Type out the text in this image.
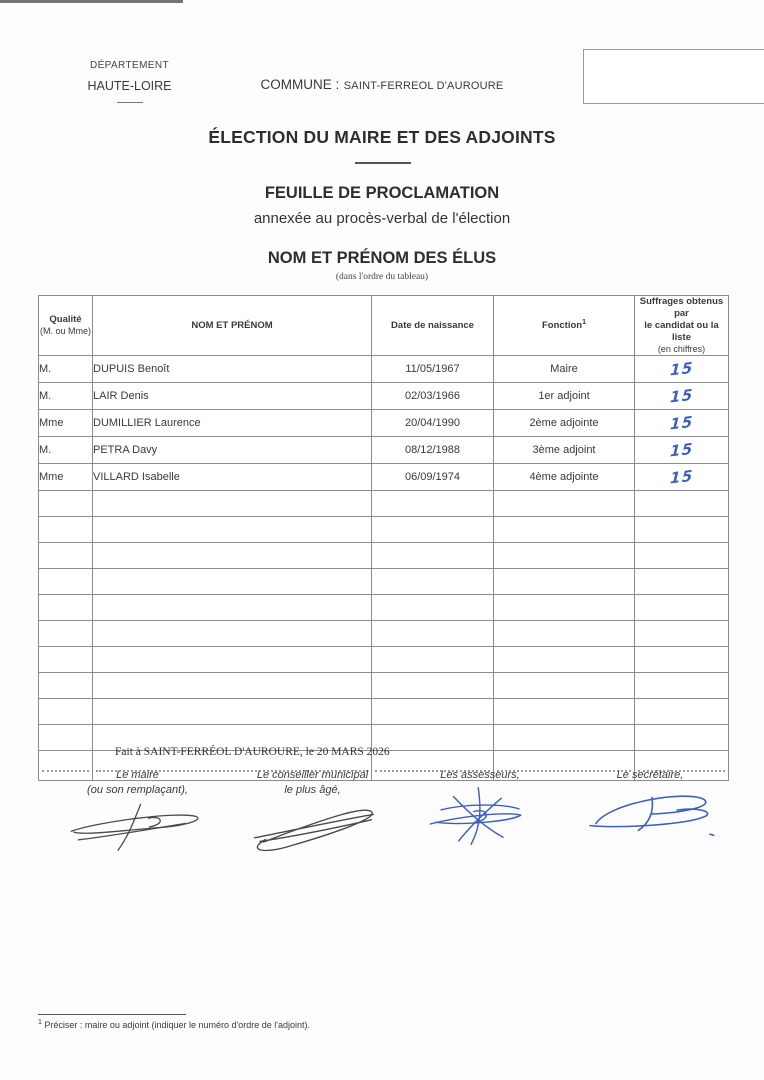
DÉPARTEMENT
HAUTE-LOIRE	COMMUNE : SAINT-FERREOL D'AUROURE
ÉLECTION DU MAIRE ET DES ADJOINTS
FEUILLE DE PROCLAMATION
annexée au procès-verbal de l'élection
NOM ET PRÉNOM DES ÉLUS
(dans l'ordre du tableau)
Qualité
(M. ou Mme)	NOM ET PRÉNOM	Date de naissance	Fonction$^1$	Suffrages obtenus par
le candidat ou la liste
(en chiffres)
M.	DUPUIS Benoît	11/05/1967	Maire	15
M.	LAIR Denis	02/03/1966	1er adjoint	15
Mme	DUMILLIER Laurence	20/04/1990	2ème adjointe	15
M.	PETRA Davy	08/12/1988	3ème adjoint	15
Mme	VILLARD Isabelle	06/09/1974	4ème adjointe	15

Fait à SAINT-FERRÉOL D'AUROURE, le 20 MARS 2026
Le maire
(ou son remplaçant),
Le conseiller municipal
le plus âgé,
Les assesseurs,	Le secrétaire,
$^1$ Préciser : maire ou adjoint (indiquer le numéro d'ordre de l'adjoint).
